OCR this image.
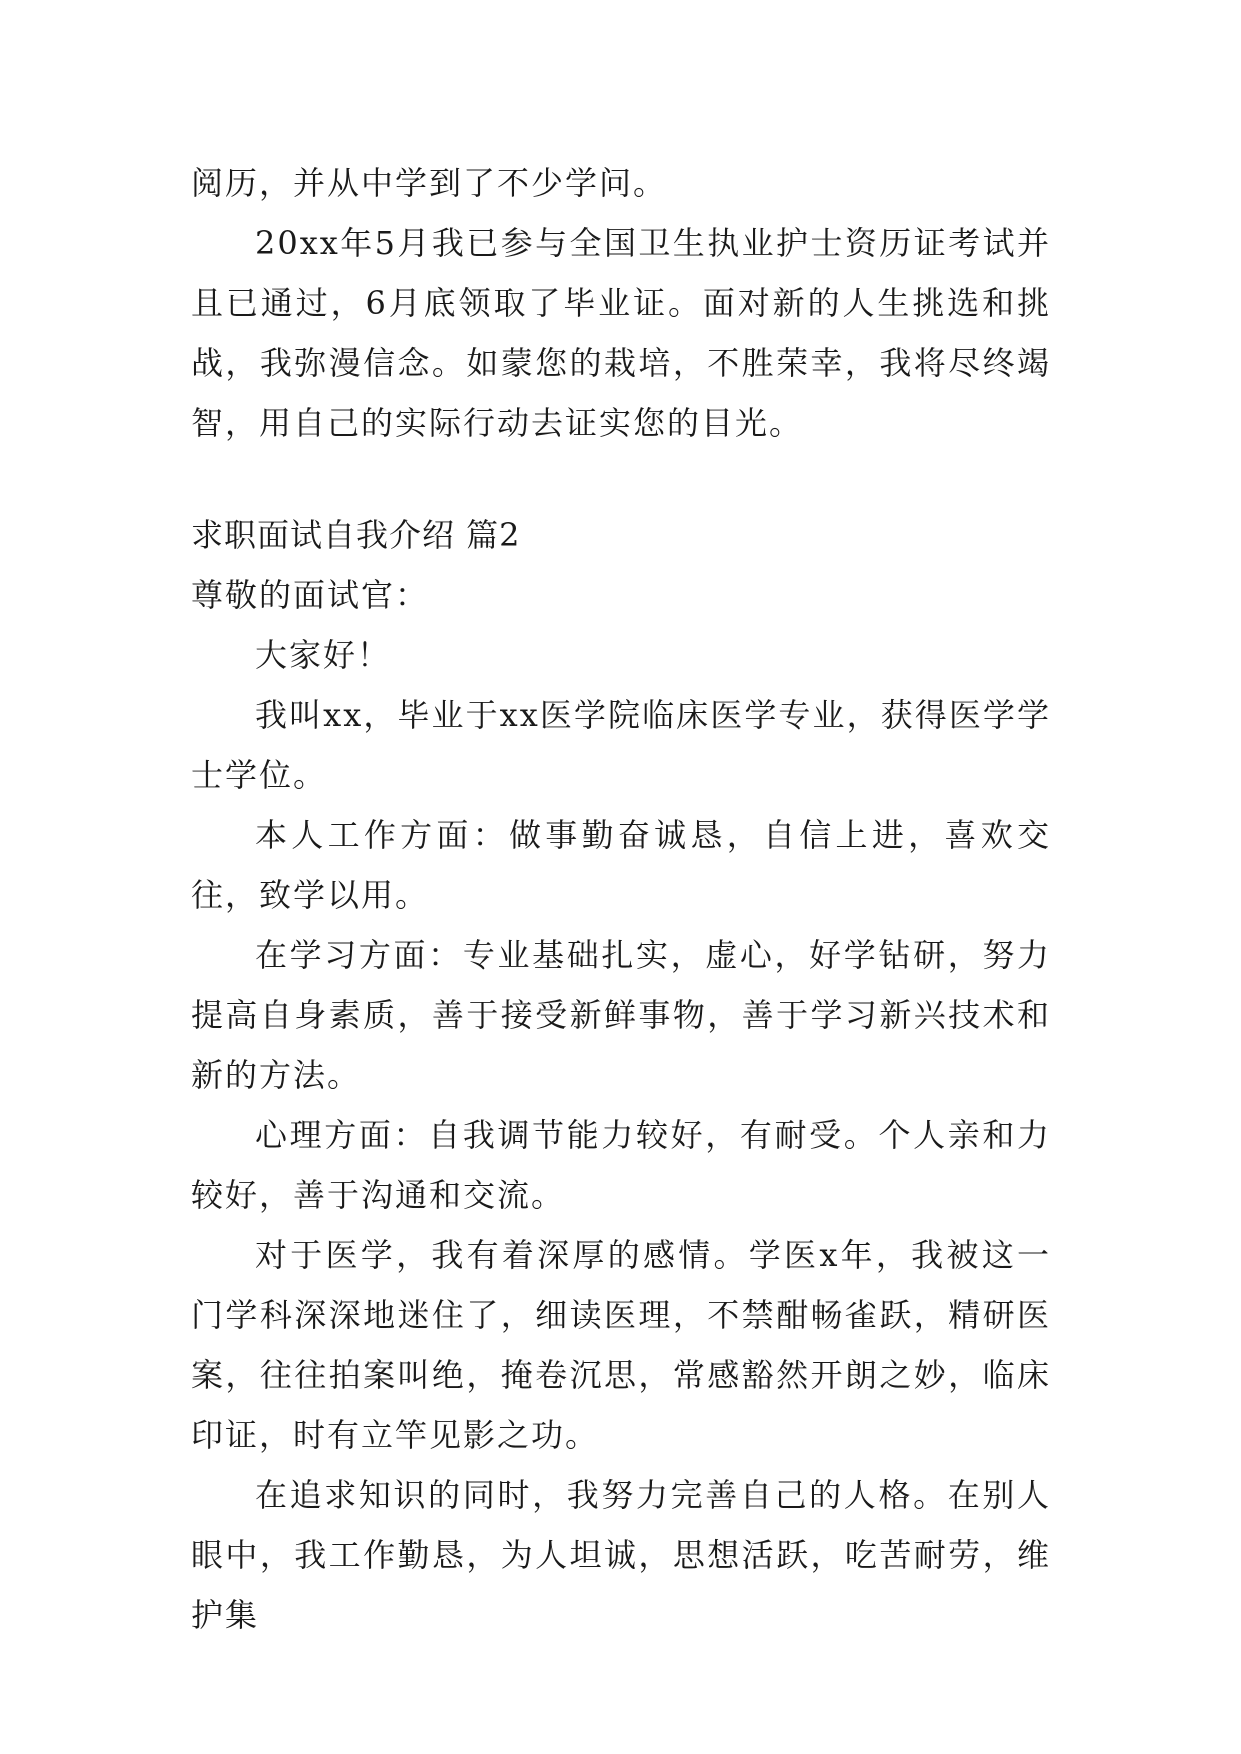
阅历，并从中学到了不少学问。

20xx年5月我已参与全国卫生执业护士资历证考试并且已通过，6月底领取了毕业证。面对新的人生挑选和挑战，我弥漫信念。如蒙您的栽培，不胜荣幸，我将尽终竭智，用自己的实际行动去证实您的目光。

求职面试自我介绍 篇2

尊敬的面试官：

大家好！

我叫xx，毕业于xx医学院临床医学专业，获得医学学士学位。

本人工作方面：做事勤奋诚恳，自信上进，喜欢交往，致学以用。

在学习方面：专业基础扎实，虚心，好学钻研，努力提高自身素质，善于接受新鲜事物，善于学习新兴技术和新的方法。

心理方面：自我调节能力较好，有耐受。个人亲和力较好，善于沟通和交流。

对于医学，我有着深厚的感情。学医x年，我被这一门学科深深地迷住了，细读医理，不禁酣畅雀跃，精研医案，往往拍案叫绝，掩卷沉思，常感豁然开朗之妙，临床印证，时有立竿见影之功。

在追求知识的同时，我努力完善自己的人格。在别人眼中，我工作勤恳，为人坦诚，思想活跃，吃苦耐劳，维护集
